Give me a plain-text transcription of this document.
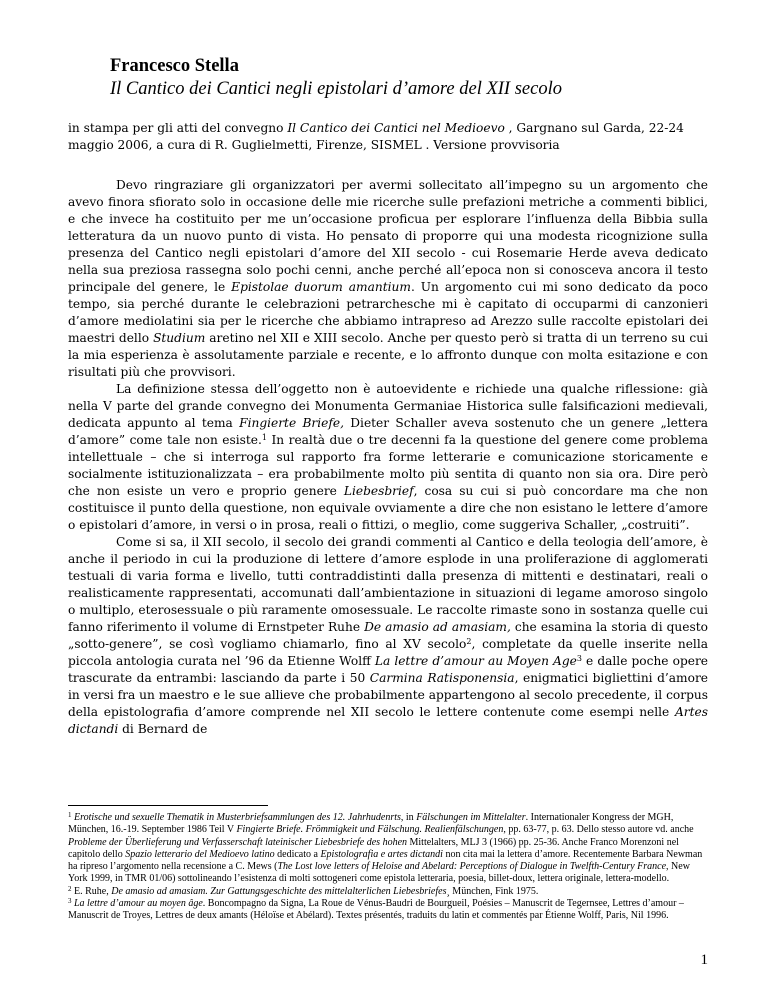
Francesco Stella
Il Cantico dei Cantici negli epistolari d’amore del XII secolo
in stampa per gli atti del convegno Il Cantico dei Cantici nel Medioevo , Gargnano sul Garda, 22-24 maggio 2006, a cura di R. Guglielmetti, Firenze, SISMEL . Versione provvisoria

Devo ringraziare gli organizzatori per avermi sollecitato all’impegno su un argomento che avevo finora sfiorato solo in occasione delle mie ricerche sulle prefazioni metriche a commenti biblici, e che invece ha costituito per me un’occasione proficua per esplorare l’influenza della Bibbia sulla letteratura da un nuovo punto di vista. Ho pensato di proporre qui una modesta ricognizione sulla presenza del Cantico negli epistolari d’amore del XII secolo - cui Rosemarie Herde aveva dedicato nella sua preziosa rassegna solo pochi cenni, anche perché all’epoca non si conosceva ancora il testo principale del genere, le Epistolae duorum amantium. Un argomento cui mi sono dedicato da poco tempo, sia perché durante le celebrazioni petrarchesche mi è capitato di occuparmi di canzonieri d’amore mediolatini sia per le ricerche che abbiamo intrapreso ad Arezzo sulle raccolte epistolari dei maestri dello Studium aretino nel XII e XIII secolo. Anche per questo però si tratta di un terreno su cui la mia esperienza è assolutamente parziale e recente, e lo affronto dunque con molta esitazione e con risultati più che provvisori.

La definizione stessa dell’oggetto non è autoevidente e richiede una qualche riflessione: già nella V parte del grande convegno dei Monumenta Germaniae Historica sulle falsificazioni medievali, dedicata appunto al tema Fingierte Briefe, Dieter Schaller aveva sostenuto che un genere „lettera d’amore” come tale non esiste.$^1$ In realtà due o tre decenni fa la questione del genere come problema intellettuale – che si interroga sul rapporto fra forme letterarie e comunicazione storicamente e socialmente istituzionalizzata – era probabilmente molto più sentita di quanto non sia ora. Dire però che non esiste un vero e proprio genere Liebesbrief, cosa su cui si può concordare ma che non costituisce il punto della questione, non equivale ovviamente a dire che non esistano le lettere d’amore o epistolari d’amore, in versi o in prosa, reali o fittizi, o meglio, come suggeriva Schaller, „costruiti”.

Come si sa, il XII secolo, il secolo dei grandi commenti al Cantico e della teologia dell’amore, è anche il periodo in cui la produzione di lettere d’amore esplode in una proliferazione di agglomerati testuali di varia forma e livello, tutti contraddistinti dalla presenza di mittenti e destinatari, reali o realisticamente rappresentati, accomunati dall’ambientazione in situazioni di legame amoroso singolo o multiplo, eterosessuale o più raramente omosessuale. Le raccolte rimaste sono in sostanza quelle cui fanno riferimento il volume di Ernstpeter Ruhe De amasio ad amasiam, che esamina la storia di questo „sotto-genere”, se così vogliamo chiamarlo, fino al XV secolo$^2$, completate da quelle inserite nella piccola antologia curata nel ’96 da Etienne Wolff La lettre d’amour au Moyen Age$^3$ e dalle poche opere trascurate da entrambi: lasciando da parte i 50 Carmina Ratisponensia, enigmatici bigliettini d’amore in versi fra un maestro e le sue allieve che probabilmente appartengono al secolo precedente, il corpus della epistolografia d’amore comprende nel XII secolo le lettere contenute come esempi nelle Artes dictandi di Bernard de

$^1$ Erotische und sexuelle Thematik in Musterbriefsammlungen des 12. Jahrhudenrts, in Fälschungen im Mittelalter. Internationaler Kongress der MGH, München, 16.-19. September 1986 Teil V Fingierte Briefe. Frömmigkeit und Fälschung. Realienfälschungen, pp. 63-77, p. 63. Dello stesso autore vd. anche Probleme der Überlieferung und Verfasserschaft lateinischer Liebesbriefe des hohen Mittelalters, MLJ 3 (1966) pp. 25-36. Anche Franco Morenzoni nel capitolo dello Spazio letterario del Medioevo latino dedicato a Epistolografia e artes dictandi non cita mai la lettera d’amore. Recentemente Barbara Newman ha ripreso l’argomento nella recensione a C. Mews (The Lost love letters of Heloise and Abelard: Perceptions of Dialogue in Twelfth-Century France, New York 1999, in TMR 01/06) sottolineando l’esistenza di molti sottogeneri come epistola letteraria, poesia, billet-doux, lettera originale, lettera-modello.

$^2$ E. Ruhe, De amasio ad amasiam. Zur Gattungsgeschichte des mittelalterlichen Liebesbriefes¸ München, Fink 1975.

$^3$ La lettre d’amour au moyen âge. Boncompagno da Signa, La Roue de Vénus-Baudri de Bourgueil, Poésies – Manuscrit de Tegernsee, Lettres d’amour – Manuscrit de Troyes, Lettres de deux amants (Héloïse et Abélard). Textes présentés, traduits du latin et commentés par Étienne Wolff, Paris, Nil 1996.

1
